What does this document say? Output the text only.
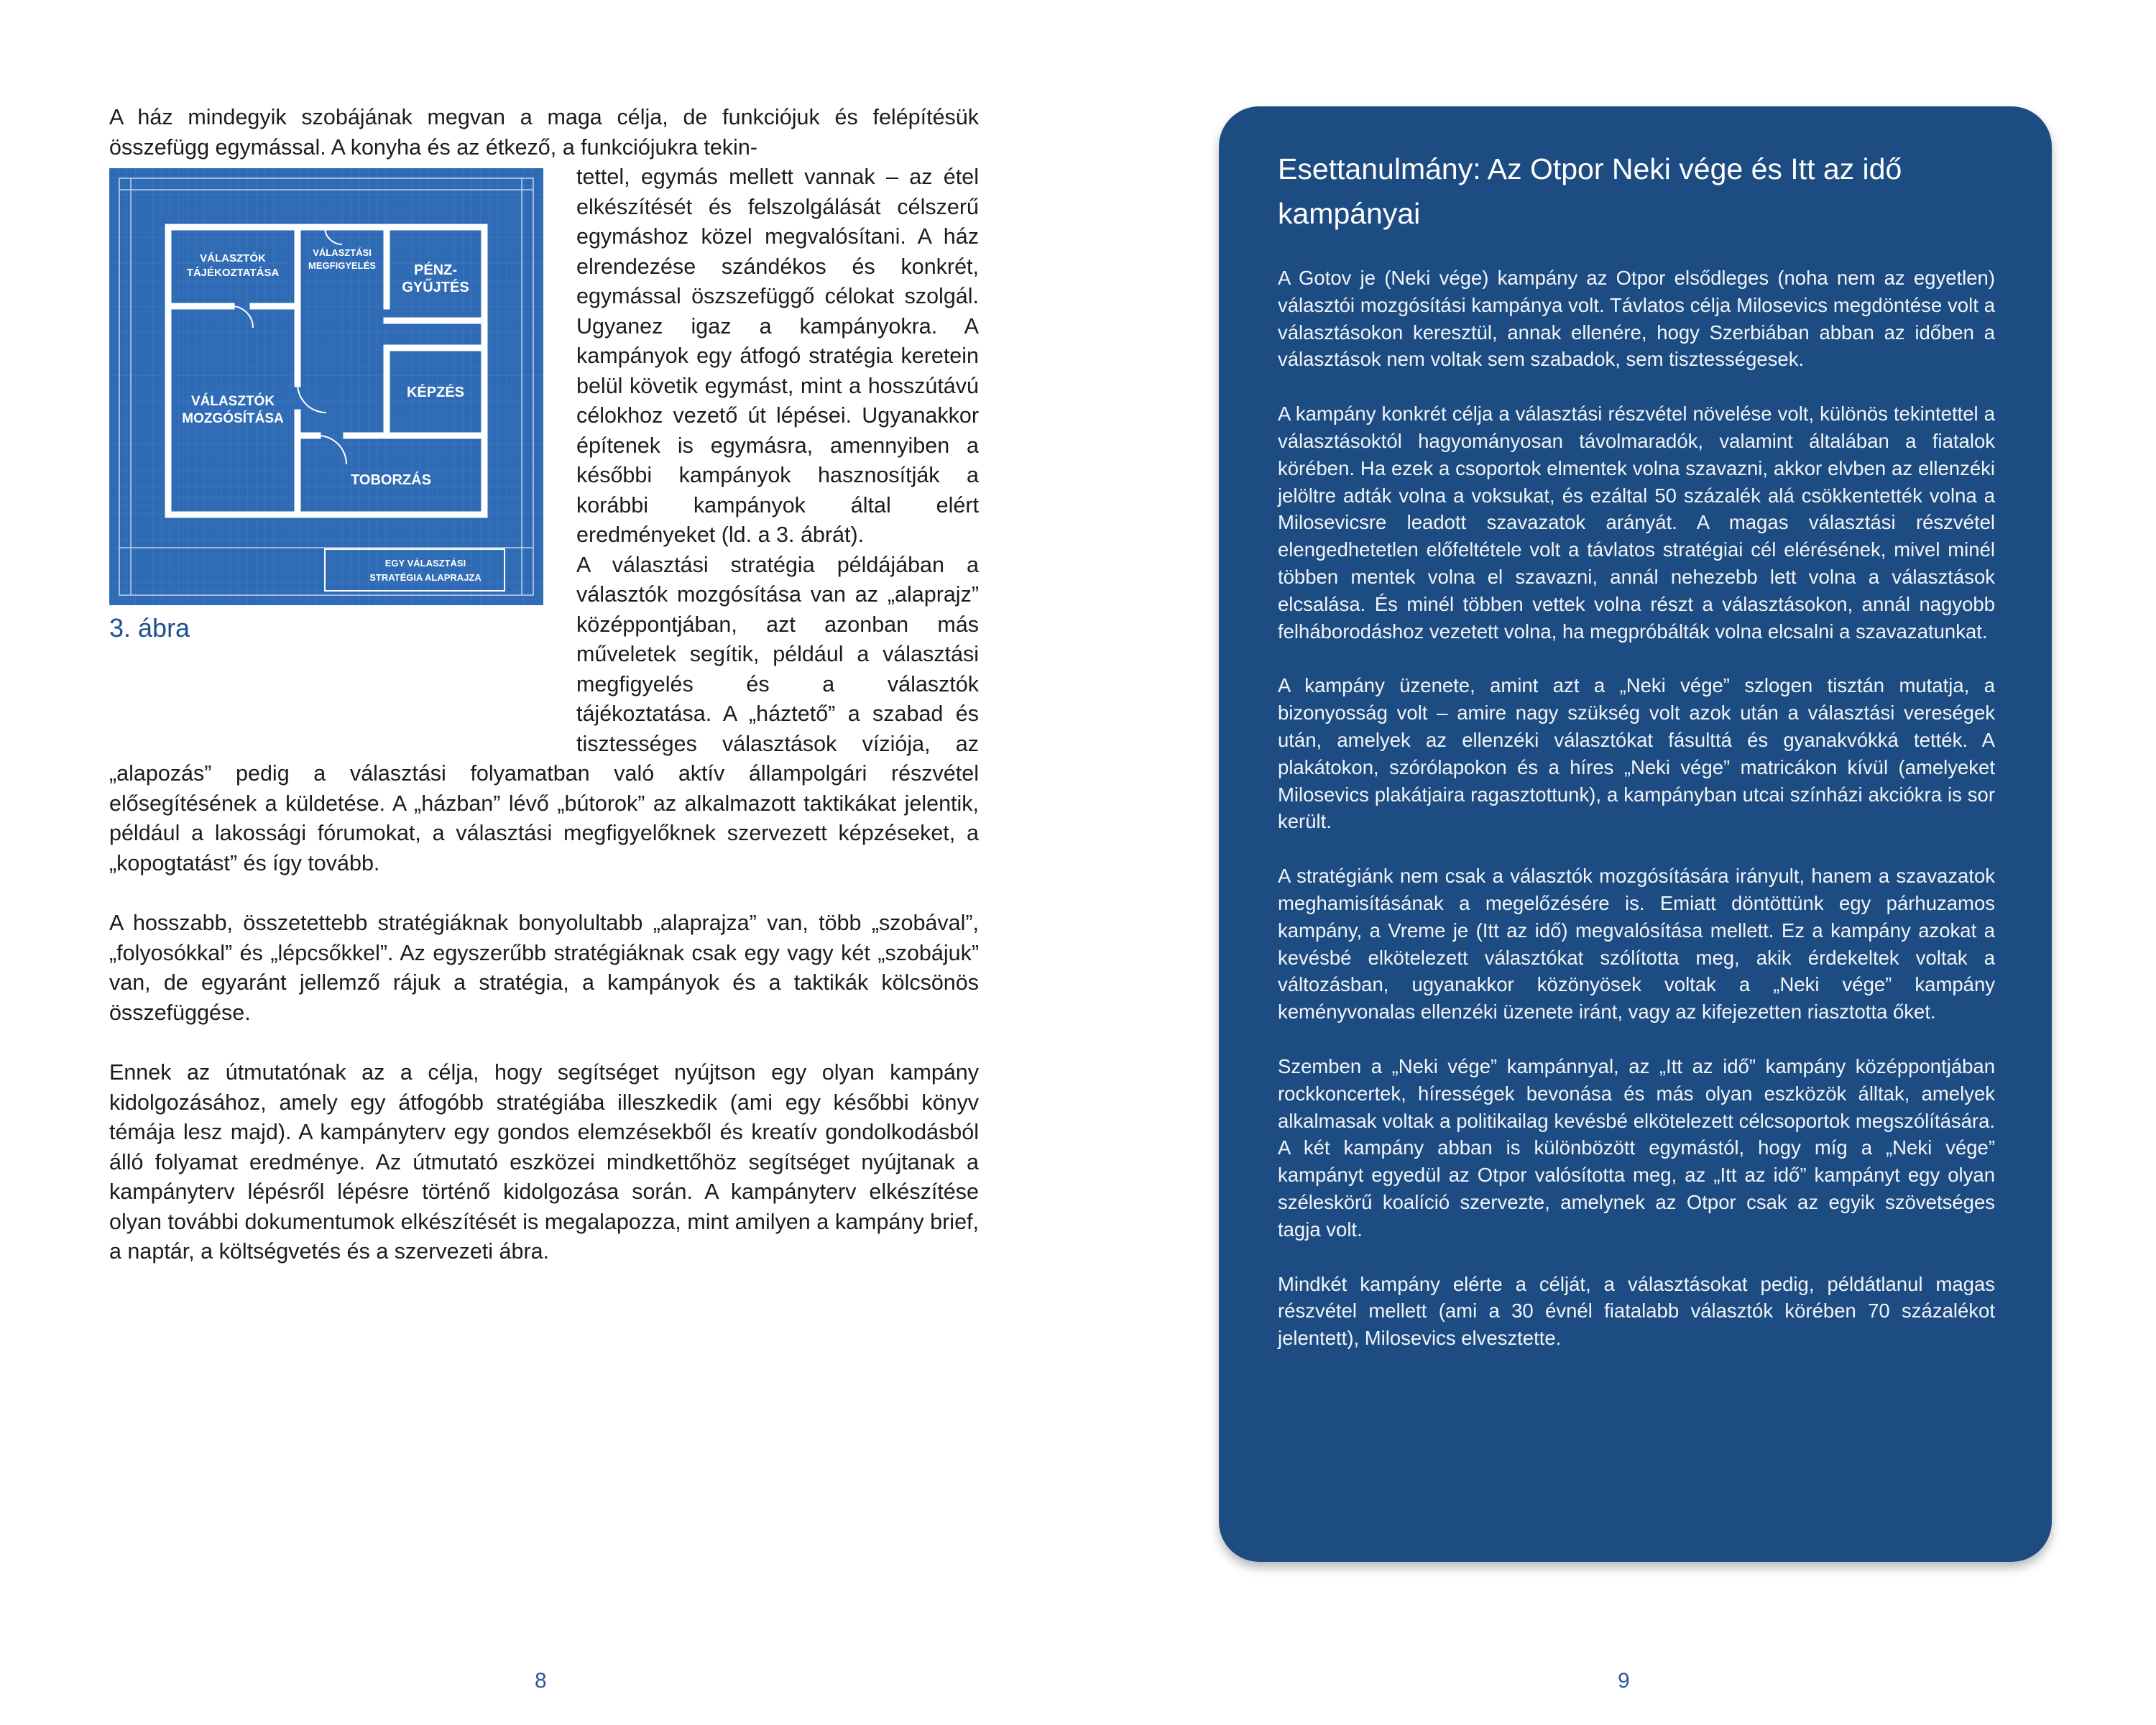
A ház mindegyik szobájának megvan a maga célja, de funkciójuk és felépítésük összefügg egymással. A konyha és az étkező, a funkciójukra tekin-

VÁLASZTÓK
TÁJÉKOZTATÁSA
VÁLASZTÁSI
MEGFIGYELÉS	PÉNZ-
GYŰJTÉS
KÉPZÉS
VÁLASZTÓK
MOZGÓSÍTÁSA
TOBORZÁS
EGY VÁLASZTÁSI
STRATÉGIA ALAPRAJZA
3. ábra

tettel, egymás mellett vannak – az étel elkészítését és felszolgálását célszerű egymáshoz közel megvalósítani. A ház elrendezése szándékos és konkrét, egymással öszszefüggő célokat szolgál. Ugyanez igaz a kampányokra. A kampányok egy átfogó stratégia keretein belül követik egymást, mint a hosszútávú célokhoz vezető út lépései. Ugyanakkor építenek is egymásra, amennyiben a későbbi kampányok hasznosítják a korábbi kampányok által elért eredményeket (ld. a 3. ábrát).

A választási stratégia példájában a választók mozgósítása van az „alaprajz” középpontjában, azt azonban más műveletek segítik, például a választási megfigyelés és a választók tájékoztatása. A „háztető” a szabad és tisztességes választások víziója, az „alapozás” pedig a választási folyamatban való aktív állampolgári részvétel elősegítésének a küldetése. A „házban” lévő „bútorok” az alkalmazott taktikákat jelentik, például a lakossági fórumokat, a választási megfigyelőknek szervezett képzéseket, a „kopogtatást” és így tovább.

A hosszabb, összetettebb stratégiáknak bonyolultabb „alaprajza” van, több „szobával”, „folyosókkal” és „lépcsőkkel”. Az egyszerűbb stratégiáknak csak egy vagy két „szobájuk” van, de egyaránt jellemző rájuk a stratégia, a kampányok és a taktikák kölcsönös összefüggése.

Ennek az útmutatónak az a célja, hogy segítséget nyújtson egy olyan kampány kidolgozásához, amely egy átfogóbb stratégiába illeszkedik (ami egy későbbi könyv témája lesz majd). A kampányterv egy gondos elemzésekből és kreatív gondolkodásból álló folyamat eredménye. Az útmutató eszközei mindkettőhöz segítséget nyújtanak a kampányterv lépésről lépésre történő kidolgozása során. A kampányterv elkészítése olyan további dokumentumok elkészítését is megalapozza, mint amilyen a kampány brief, a naptár, a költségvetés és a szervezeti ábra.

8
Esettanulmány: Az Otpor Neki vége és Itt az idő kampányai

A Gotov je (Neki vége) kampány az Otpor elsődleges (noha nem az egyetlen) választói mozgósítási kampánya volt. Távlatos célja Milosevics megdöntése volt a választásokon keresztül, annak ellenére, hogy Szerbiában abban az időben a választások nem voltak sem szabadok, sem tisztességesek.

A kampány konkrét célja a választási részvétel növelése volt, különös tekintettel a választásoktól hagyományosan távolmaradók, valamint általában a fiatalok körében. Ha ezek a csoportok elmentek volna szavazni, akkor elvben az ellenzéki jelöltre adták volna a voksukat, és ezáltal 50 százalék alá csökkentették volna a Milosevicsre leadott szavazatok arányát. A magas választási részvétel elengedhetetlen előfeltétele volt a távlatos stratégiai cél elérésének, mivel minél többen mentek volna el szavazni, annál nehezebb lett volna a választások elcsalása. És minél többen vettek volna részt a választásokon, annál nagyobb felháborodáshoz vezetett volna, ha megpróbálták volna elcsalni a szavazatunkat.

A kampány üzenete, amint azt a „Neki vége” szlogen tisztán mutatja, a bizonyosság volt – amire nagy szükség volt azok után a választási vereségek után, amelyek az ellenzéki választókat fásulttá és gyanakvókká tették. A plakátokon, szórólapokon és a híres „Neki vége” matricákon kívül (amelyeket Milosevics plakátjaira ragasztottunk), a kampányban utcai színházi akciókra is sor került.

A stratégiánk nem csak a választók mozgósítására irányult, hanem a szavazatok meghamisításának a megelőzésére is. Emiatt döntöttünk egy párhuzamos kampány, a Vreme je (Itt az idő) megvalósítása mellett. Ez a kampány azokat a kevésbé elkötelezett választókat szólította meg, akik érdekeltek voltak a változásban, ugyanakkor közönyösek voltak a „Neki vége” kampány keményvonalas ellenzéki üzenete iránt, vagy az kifejezetten riasztotta őket.

Szemben a „Neki vége” kampánnyal, az „Itt az idő” kampány középpontjában rockkoncertek, hírességek bevonása és más olyan eszközök álltak, amelyek alkalmasak voltak a politikailag kevésbé elkötelezett célcsoportok megszólítására. A két kampány abban is különbözött egymástól, hogy míg a „Neki vége” kampányt egyedül az Otpor valósította meg, az „Itt az idő” kampányt egy olyan széleskörű koalíció szervezte, amelynek az Otpor csak az egyik szövetséges tagja volt.

Mindkét kampány elérte a célját, a választásokat pedig, példátlanul magas részvétel mellett (ami a 30 évnél fiatalabb választók körében 70 százalékot jelentett), Milosevics elvesztette.

9
